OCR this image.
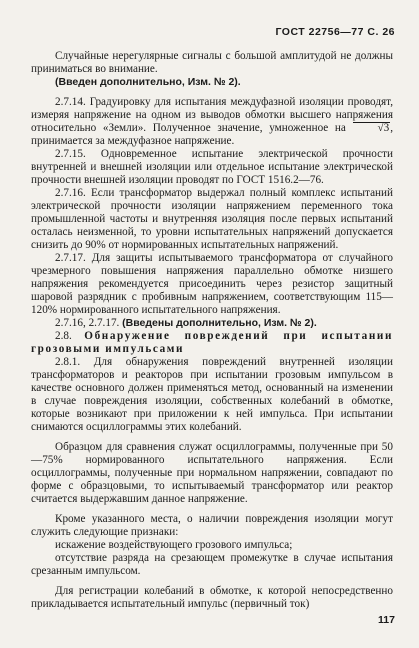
ГОСТ 22756—77 С. 26

Случайные нерегулярные сигналы с большой амплитудой не должны приниматься во внимание.

(Введен дополнительно, Изм. № 2).

2.7.14. Градуировку для испытания междуфазной изоляции проводят, измеряя напряжение на одном из выводов обмотки высшего напряжения относительно «Земли». Полученное значение, умноженное на	√3, принимается за междуфазное напряжение.

2.7.15. Одновременное испытание электрической прочности внутренней и внешней изоляции или отдельное испытание электрической прочности внешней изоляции проводят по ГОСТ 1516.2—76.

2.7.16. Если трансформатор выдержал полный комплекс испытаний электрической прочности изоляции напряжением переменного тока промышленной частоты и внутренняя изоляция после первых испытаний осталась неизменной, то уровни испытательных напряжений допускается снизить до 90% от нормированных испытательных напряжений.

2.7.17. Для защиты испытываемого трансформатора от случайного чрезмерного повышения напряжения параллельно обмотке низшего напряжения рекомендуется присоединить через резистор защитный шаровой разрядник с пробивным напряжением, соответствующим 115—120% нормированного испытательного напряжения.

2.7.16, 2.7.17. (Введены дополнительно, Изм. № 2).

2.8. Обнаружение повреждений при испытании грозовыми импульсами

2.8.1. Для обнаружения повреждений внутренней изоляции трансформаторов и реакторов при испытании грозовым импульсом в качестве основного должен применяться метод, основанный на изменении в случае повреждения изоляции, собственных колебаний в обмотке, которые возникают при приложении к ней импульса. При испытании снимаются осциллограммы этих колебаний.

Образцом для сравнения служат осциллограммы, полученные при 50—75% нормированного испытательного напряжения. Если осциллограммы, полученные при нормальном напряжении, совпадают по форме с образцовыми, то испытываемый трансформатор или реактор считается выдержавшим данное напряжение.

Кроме указанного места, о наличии повреждения изоляции могут служить следующие признаки:

искажение воздействующего грозового импульса;

отсутствие разряда на срезающем промежутке в случае испытания срезанным импульсом.

Для регистрации колебаний в обмотке, к которой непосредственно прикладывается испытательный импульс (первичный ток)

117
